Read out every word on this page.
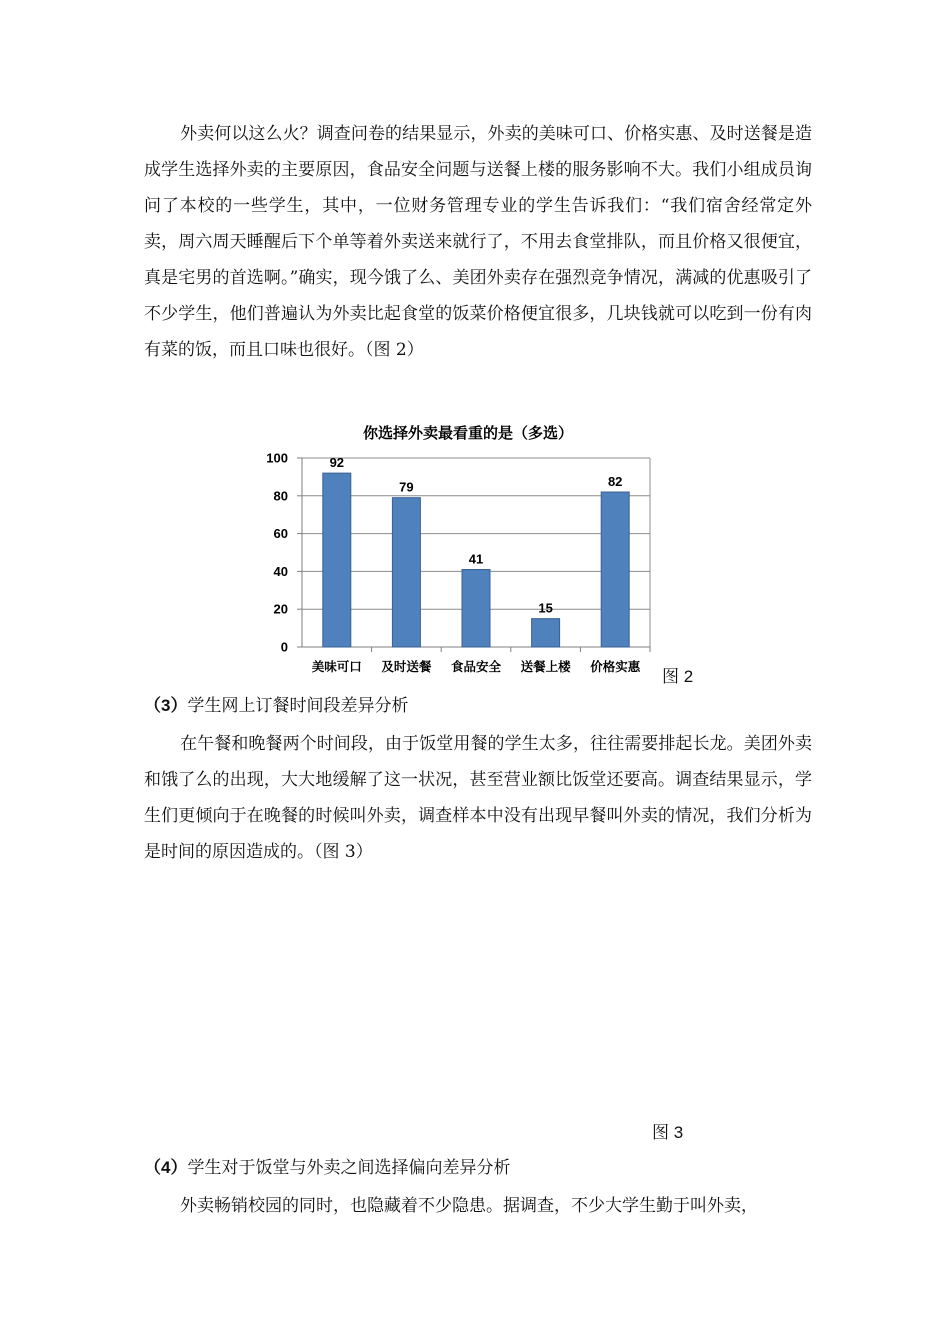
外卖何以这么火？调查问卷的结果显示，外卖的美味可口、价格实惠、及时送餐是造成学生选择外卖的主要原因，食品安全问题与送餐上楼的服务影响不大。我们小组成员询问了本校的一些学生，其中，一位财务管理专业的学生告诉我们：“我们宿舍经常定外卖，周六周天睡醒后下个单等着外卖送来就行了，不用去食堂排队，而且价格又很便宜，真是宅男的首选啊。”确实，现今饿了么、美团外卖存在强烈竞争情况，满减的优惠吸引了不少学生，他们普遍认为外卖比起食堂的饭菜价格便宜很多，几块钱就可以吃到一份有肉有菜的饭，而且口味也很好。（图 2）

你选择外卖最看重的是（多选）
0
20
40
60
80
100	92
79
41
15
82
美味可口 及时送餐 食品安全 送餐上楼 价格实惠
图 2

（3）学生网上订餐时间段差异分析

在午餐和晚餐两个时间段，由于饭堂用餐的学生太多，往往需要排起长龙。美团外卖和饿了么的出现，大大地缓解了这一状况，甚至营业额比饭堂还要高。调查结果显示，学生们更倾向于在晚餐的时候叫外卖，调查样本中没有出现早餐叫外卖的情况，我们分析为是时间的原因造成的。（图 3）

图 3

（4）学生对于饭堂与外卖之间选择偏向差异分析

外卖畅销校园的同时，也隐藏着不少隐患。据调查，不少大学生勤于叫外卖，
